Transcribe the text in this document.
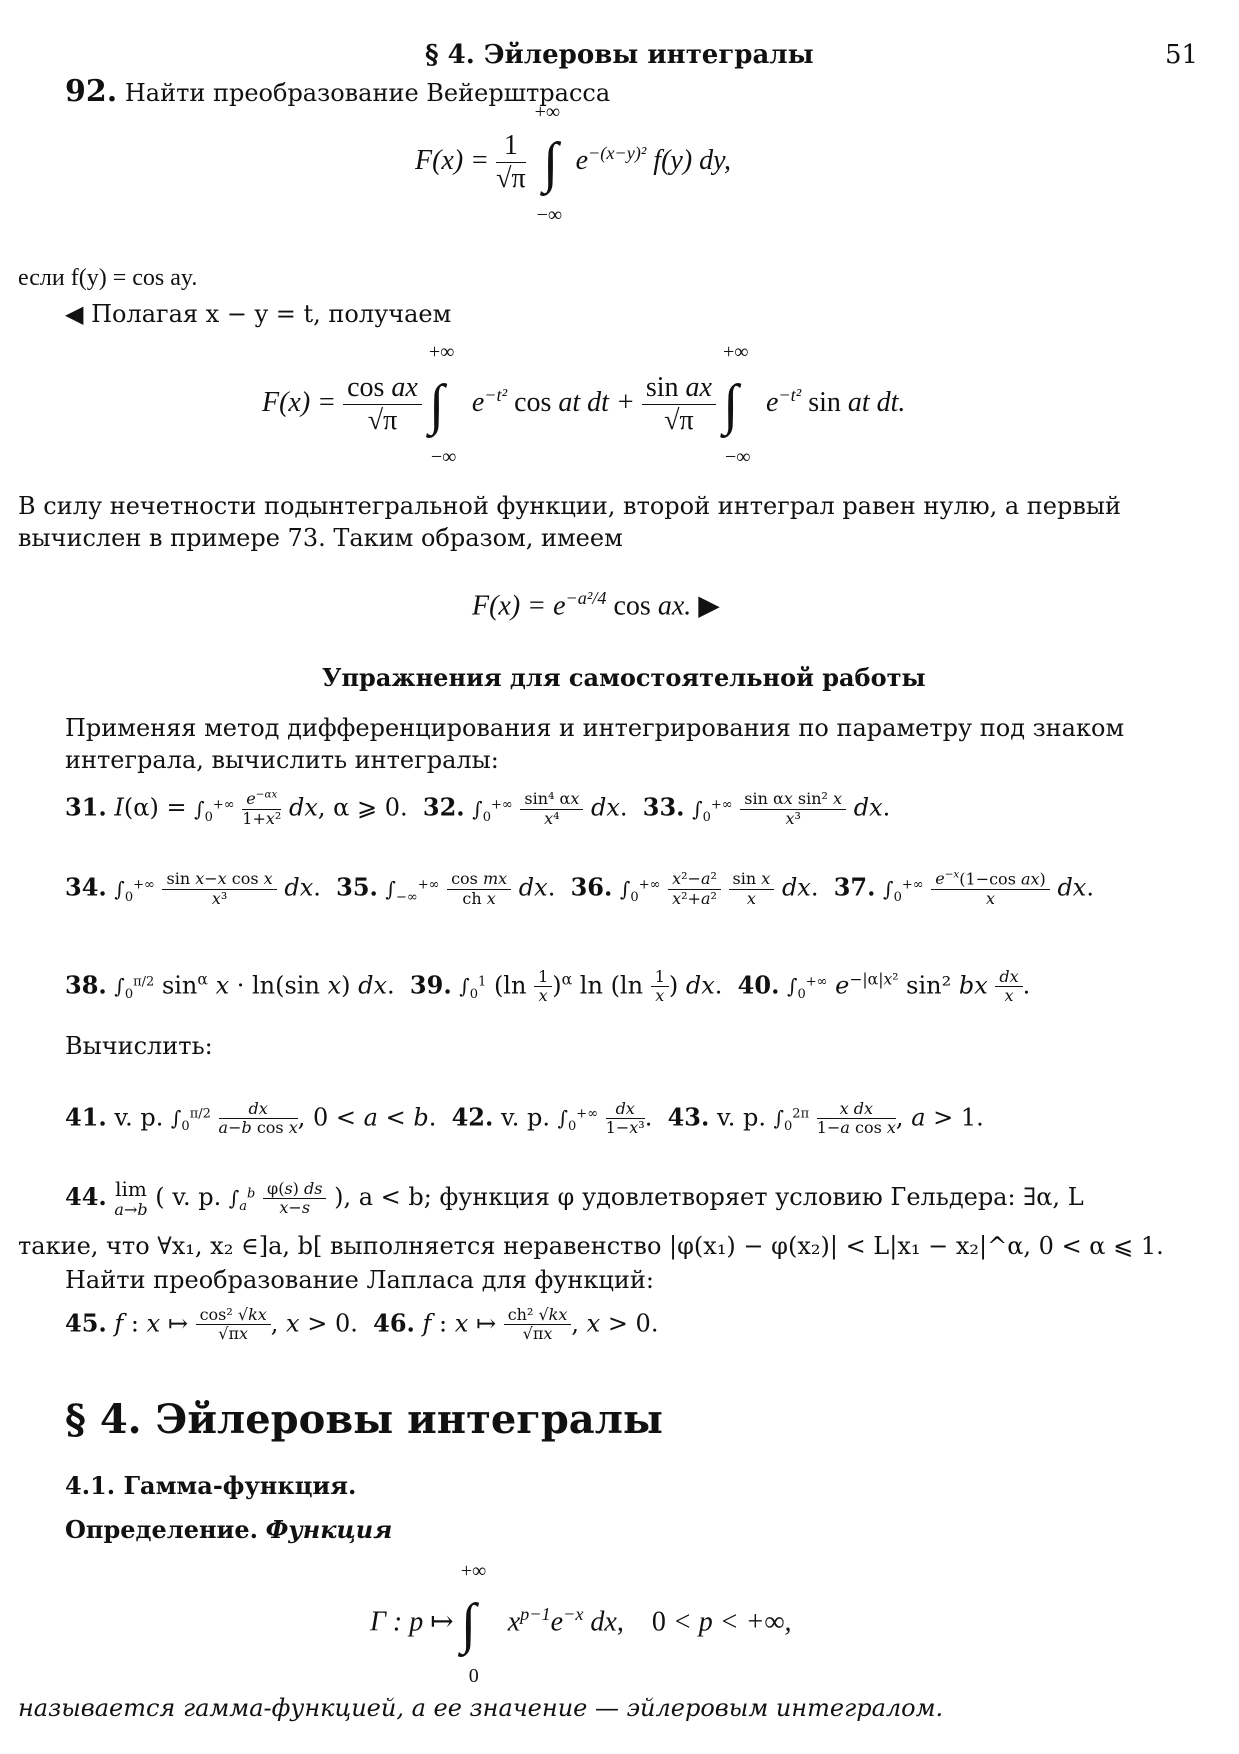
§ 4. Эйлеровы интегралы	51
92. Найти преобразование Вейерштрасса
$F(x) = \frac{1}{√\pi}$

+∞
∫
−∞
$e^{-(x-y)^2}$ f(y) dy,
если f(y) = cos ay.
◀ Полагая x − y = t, получаем
$F(x) = \frac{\text{cos ax}}{√\pi}$

+∞
∫
−∞
$e^{-t^2}$ cos at dt + $\frac{\text{sin ax}}{√\pi}$

+∞
∫
−∞
$e^{-t^2}$ sin at dt.
В силу нечетности подынтегральной функции, второй интеграл равен нулю, а первый вычислен в примере 73. Таким образом, имеем
$F(x) = e^{-a^2/4}$ cos ax. ▶
Упражнения для самостоятельной работы
Применяя метод дифференцирования и интегрирования по параметру под знаком интеграла, вычислить интегралы:
31. $I(\alpha) = \int_0^{+\infty} \frac{e^{-\alpha x}}{\text{1+x²}}$ dx, α ⩾ 0.  32. $\int_0^{+\infty} \frac{\text{sin⁴ αx}}{\text{x⁴}}$ dx.  33. $\int_0^{+\infty} \frac{\text{sin αx sin² x}}{\text{x³}}$ dx.
34. $\int_0^{+\infty} \frac{\text{sin x−x cos x}}{\text{x³}}$ dx.  35. $\int_{-\infty}^{+\infty} \frac{\text{cos mx}}{\text{ch x}}$ dx.  36. $\int_0^{+\infty} \frac{\text{x²−a²}}{\text{x²+a²}}$
$\frac{\text{sin x}}{x}$ dx.  37. $\int_0^{+\infty} \frac{e^{-x}(1-\cos ax)}{x}$ dx.
38. $\int_0^{\pi/2}$ $\sin^\alpha x \cdot \ln(\sin$ x) dx.  39. $\int_0^1$ $(\ln \frac{1}{x} )^\alpha$ $\ln (\ln \frac{1}{x}$ ) dx.  40. $\int_0^{+\infty}$ $e^{-|\alpha|x^2}$ sin² bx $\frac{dx}{x}$ .
Вычислить:
41. v. p. $\int_0^{\pi/2} \frac{dx}{\text{a−b cos x}}$ , 0 < a < b.  42. v. p. $\int_0^{+\infty} \frac{dx}{\text{1−x³}}$ .  43. v. p. $\int_0^{2\pi} \frac{\text{x dx}}{\text{1−a cos x}}$ , a > 1.
44. lim
a→b ( v. p. $\int_a^b \frac{\varphi(s) ds}{x-s}$ ), a < b; функция φ удовлетворяет условию Гельдера: ∃α, L
такие, что ∀x₁, x₂ ∈]a, b[ выполняется неравенство |φ(x₁) − φ(x₂)| < L|x₁ − x₂|^α, 0 < α ⩽ 1.
Найти преобразование Лапласа для функций:
45. f : x ↦ $\frac{\text{cos² √kx}}{√\pi x}$ , x > 0.  46. f : x ↦ $\frac{\text{ch² √kx}}{√\pi x}$ , x > 0.
§ 4. Эйлеровы интегралы
4.1. Гамма-функция.
Определение. Функция
Γ : p ↦
+∞
∫
0
$x^{p-1}e^{-x}$ dx,    0 < p < +∞,
называется гамма-функцией, а ее значение — эйлеровым интегралом.
